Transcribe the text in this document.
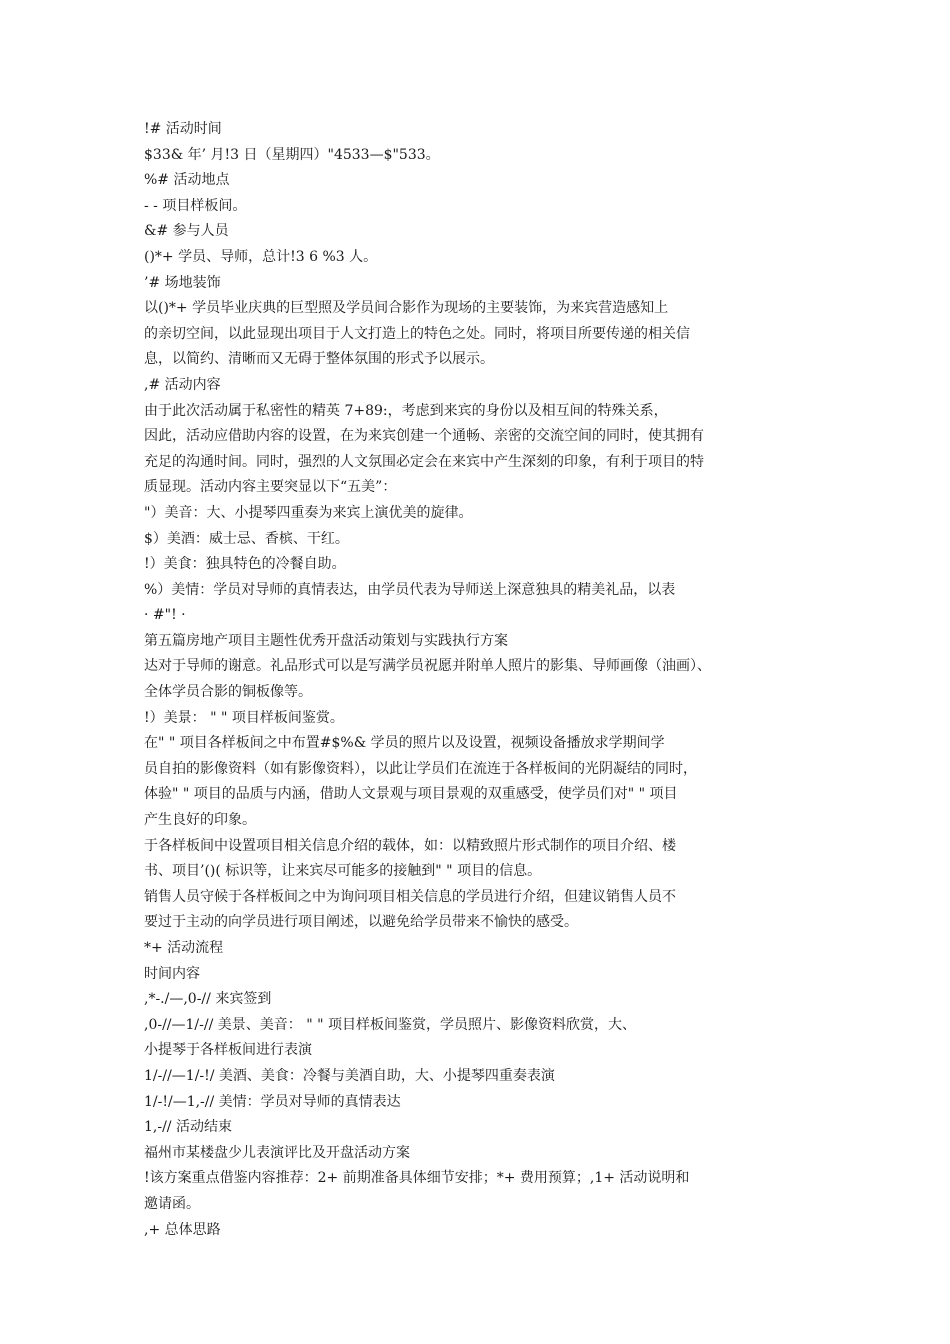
!# 活动时间
$33& 年’ 月!3 日（星期四）"4533—$"533。
%# 活动地点
- - 项目样板间。
&# 参与人员
()*+ 学员、导师，总计!3 6 %3 人。
’# 场地装饰
以()*+ 学员毕业庆典的巨型照及学员间合影作为现场的主要装饰，为来宾营造感知上
的亲切空间，以此显现出项目于人文打造上的特色之处。同时，将项目所要传递的相关信
息，以简约、清晰而又无碍于整体氛围的形式予以展示。
,# 活动内容
由于此次活动属于私密性的精英 7+89:，考虑到来宾的身份以及相互间的特殊关系，
因此，活动应借助内容的设置，在为来宾创建一个通畅、亲密的交流空间的同时，使其拥有
充足的沟通时间。同时，强烈的人文氛围必定会在来宾中产生深刻的印象，有利于项目的特
质显现。活动内容主要突显以下“五美”：
"）美音：大、小提琴四重奏为来宾上演优美的旋律。
$）美酒：威士忌、香槟、干红。
!）美食：独具特色的冷餐自助。
%）美情：学员对导师的真情表达，由学员代表为导师送上深意独具的精美礼品，以表
· #"! ·
第五篇房地产项目主题性优秀开盘活动策划与实践执行方案
达对于导师的谢意。礼品形式可以是写满学员祝愿并附单人照片的影集、导师画像（油画）、
全体学员合影的铜板像等。
!）美景： " " 项目样板间鉴赏。
在" " 项目各样板间之中布置#$%& 学员的照片以及设置，视频设备播放求学期间学
员自拍的影像资料（如有影像资料），以此让学员们在流连于各样板间的光阴凝结的同时，
体验" " 项目的品质与内涵，借助人文景观与项目景观的双重感受，使学员们对" " 项目
产生良好的印象。
于各样板间中设置项目相关信息介绍的载体，如：以精致照片形式制作的项目介绍、楼
书、项目’()( 标识等，让来宾尽可能多的接触到" " 项目的信息。
销售人员守候于各样板间之中为询问项目相关信息的学员进行介绍，但建议销售人员不
要过于主动的向学员进行项目阐述，以避免给学员带来不愉快的感受。
*+ 活动流程
时间内容
,*-./—,0-// 来宾签到
,0-//—1/-// 美景、美音： " " 项目样板间鉴赏，学员照片、影像资料欣赏，大、
小提琴于各样板间进行表演
1/-//—1/-!/ 美酒、美食：冷餐与美酒自助，大、小提琴四重奏表演
1/-!/—1,-// 美情：学员对导师的真情表达
1,-// 活动结束
福州市某楼盘少儿表演评比及开盘活动方案
!该方案重点借鉴内容推荐：2+ 前期准备具体细节安排；*+ 费用预算；,1+ 活动说明和
邀请函。
,+ 总体思路
